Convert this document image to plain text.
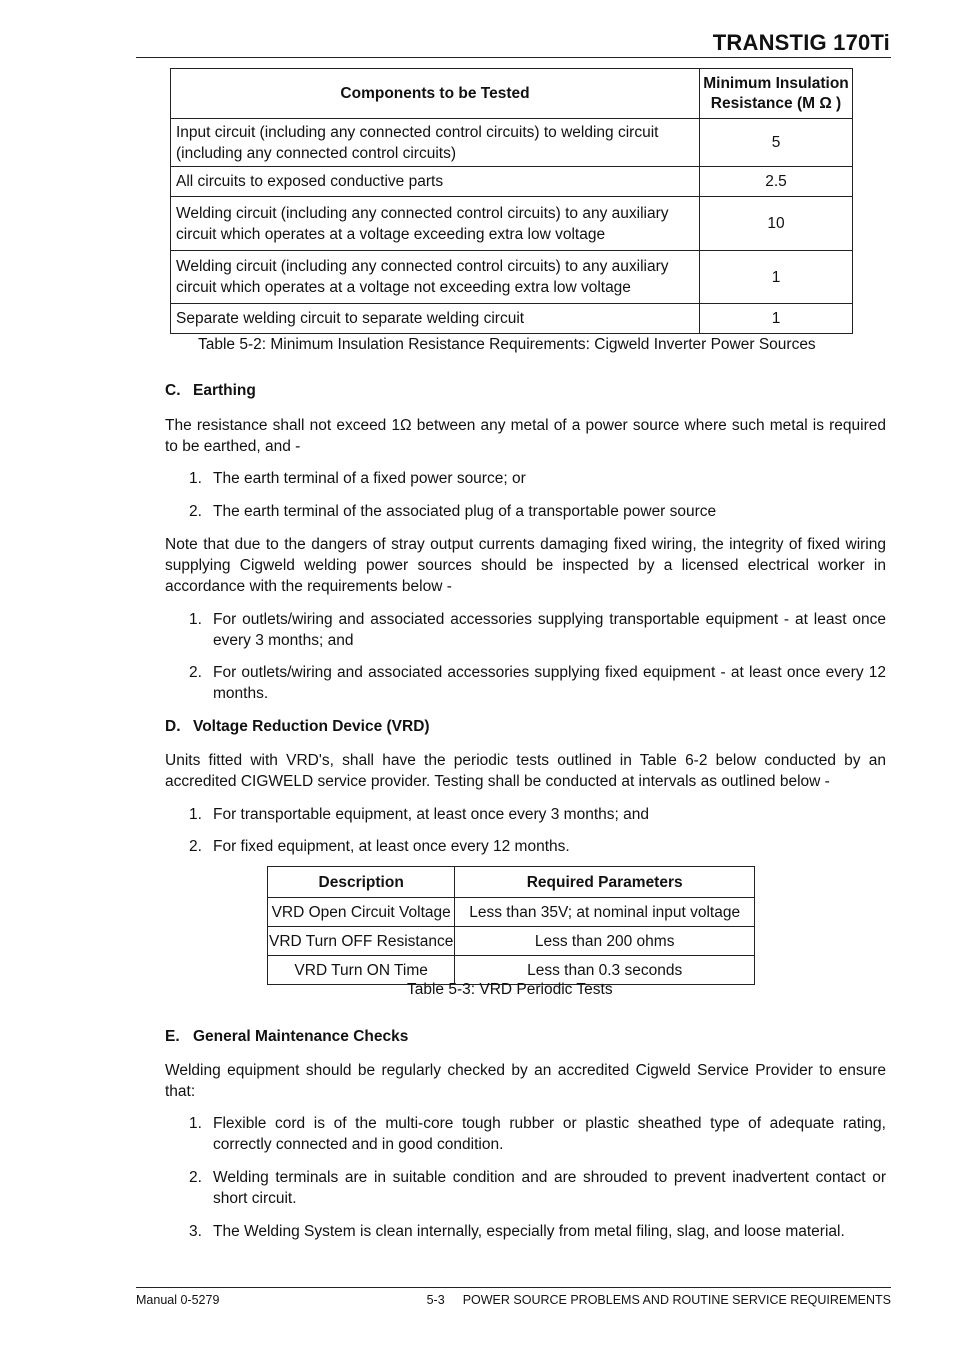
TRANSTIG 170Ti
Components to be Tested	Minimum Insulation
Resistance (M Ω )
Input circuit (including any connected control circuits) to welding circuit (including any connected control circuits)	5
All circuits to exposed conductive parts	2.5
Welding circuit (including any connected control circuits) to any auxiliary circuit which operates at a voltage exceeding extra low voltage	10
Welding circuit (including any connected control circuits) to any auxiliary circuit which operates at a voltage not exceeding extra low voltage	1
Separate welding circuit to separate welding circuit	1
Table 5-2: Minimum Insulation Resistance Requirements: Cigweld Inverter Power Sources
C. Earthing
The resistance shall not exceed 1Ω between any metal of a power source where such metal is required to be earthed, and -
1. The earth terminal of a fixed power source; or
2. The earth terminal of the associated plug of a transportable power source
Note that due to the dangers of stray output currents damaging fixed wiring, the integrity of fixed wiring supplying Cigweld welding power sources should be inspected by a licensed electrical worker in accordance with the requirements below -
1. For outlets/wiring and associated accessories supplying transportable equipment - at least once every 3 months; and
2. For outlets/wiring and associated accessories supplying fixed equipment - at least once every 12 months.
D. Voltage Reduction Device (VRD)
Units fitted with VRD's, shall have the periodic tests outlined in Table 6-2 below conducted by an accredited CIGWELD service provider. Testing shall be conducted at intervals as outlined below -
1. For transportable equipment, at least once every 3 months; and
2. For fixed equipment, at least once every 12 months.
Description	Required Parameters
VRD Open Circuit Voltage	Less than 35V; at nominal input voltage
VRD Turn OFF Resistance	Less than 200 ohms
VRD Turn ON Time	Less than 0.3 seconds
Table 5-3: VRD Periodic Tests
E. General Maintenance Checks
Welding equipment should be regularly checked by an accredited Cigweld Service Provider to ensure that:
1. Flexible cord is of the multi-core tough rubber or plastic sheathed type of adequate rating, correctly connected and in good condition.
2. Welding terminals are in suitable condition and are shrouded to prevent inadvertent contact or short circuit.
3. The Welding System is clean internally, especially from metal filing, slag, and loose material.
Manual 0-5279	5-3 POWER SOURCE PROBLEMS AND ROUTINE SERVICE REQUIREMENTS
